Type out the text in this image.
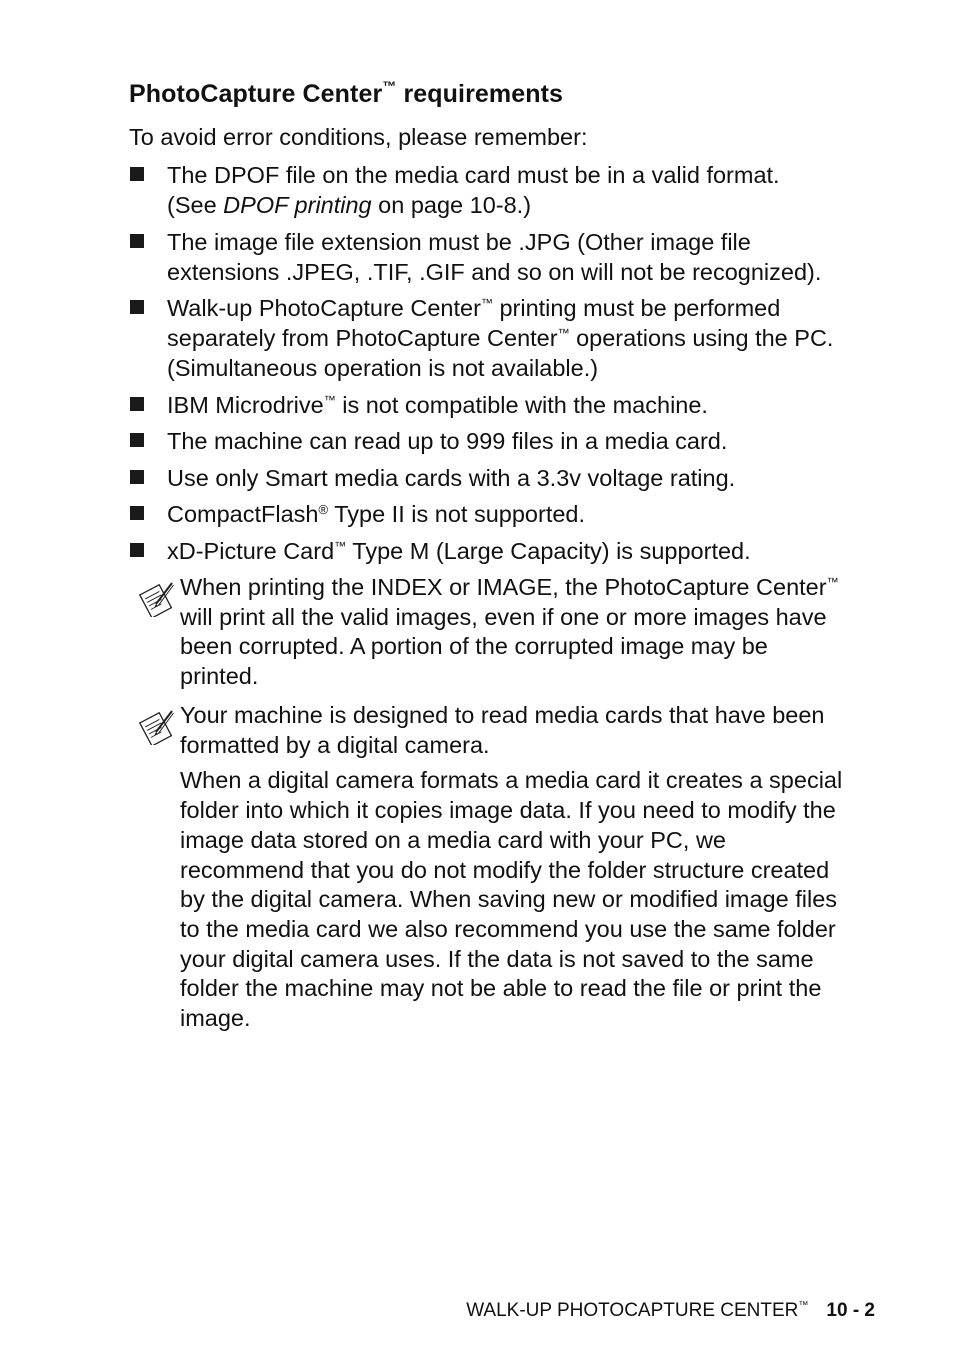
PhotoCapture Center™ requirements
To avoid error conditions, please remember:
The DPOF file on the media card must be in a valid format.
(See DPOF printing on page 10-8.)
The image file extension must be .JPG (Other image file
extensions .JPEG, .TIF, .GIF and so on will not be recognized).
Walk-up PhotoCapture Center™ printing must be performed
separately from PhotoCapture Center™ operations using the PC.
(Simultaneous operation is not available.)
IBM Microdrive™ is not compatible with the machine.
The machine can read up to 999 files in a media card.
Use only Smart media cards with a 3.3v voltage rating.
CompactFlash® Type II is not supported.
xD-Picture Card™ Type M (Large Capacity) is supported.
When printing the INDEX or IMAGE, the PhotoCapture Center™
will print all the valid images, even if one or more images have
been corrupted. A portion of the corrupted image may be
printed.
Your machine is designed to read media cards that have been
formatted by a digital camera.
When a digital camera formats a media card it creates a special
folder into which it copies image data. If you need to modify the
image data stored on a media card with your PC, we
recommend that you do not modify the folder structure created
by the digital camera. When saving new or modified image files
to the media card we also recommend you use the same folder
your digital camera uses. If the data is not saved to the same
folder the machine may not be able to read the file or print the
image.
WALK-UP PHOTOCAPTURE CENTER™ 10 - 2
